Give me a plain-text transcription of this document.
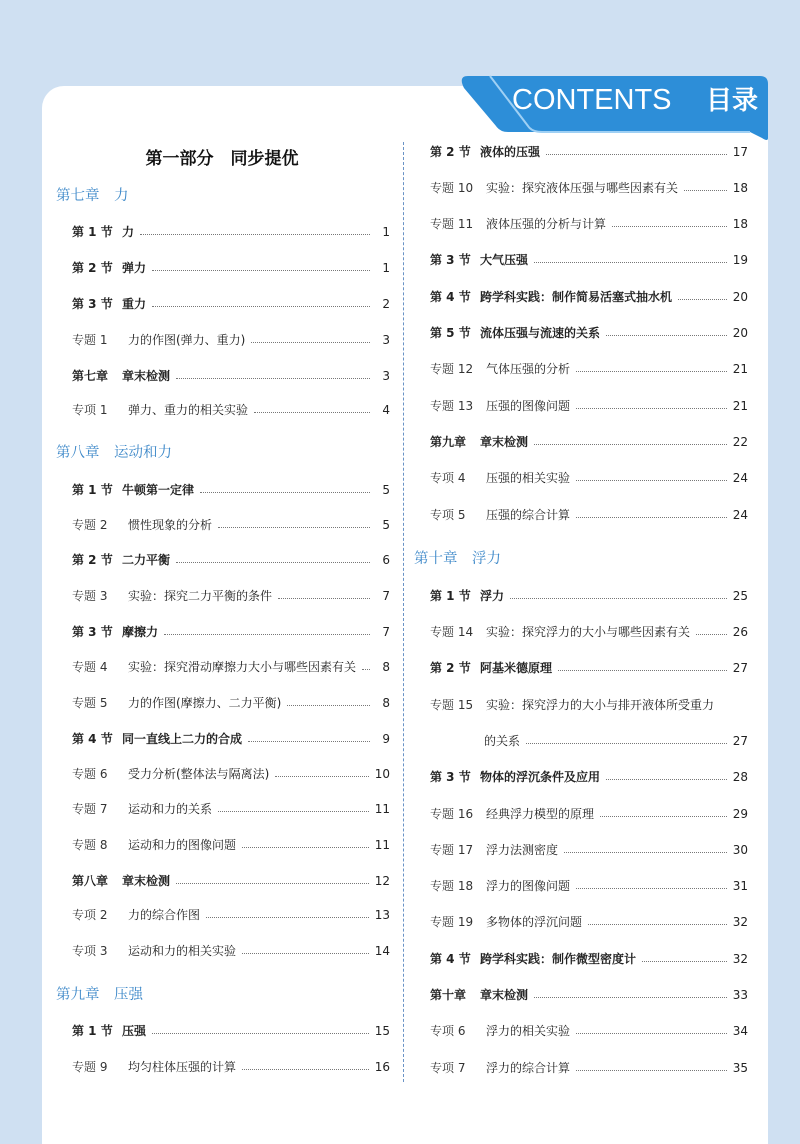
CONTENTS 目录
第一部分　同步提优
第七章　力
第 1 节 力	1
第 2 节 弹力	1
第 3 节 重力	2
专题 1	力的作图(弹力、重力)	3
第七章	章末检测	3
专项 1	弹力、重力的相关实验	4
第八章　运动和力
第 1 节 牛顿第一定律	5
专题 2	惯性现象的分析	5
第 2 节 二力平衡	6
专题 3	实验：探究二力平衡的条件	7
第 3 节 摩擦力	7
专题 4	实验：探究滑动摩擦力大小与哪些因素有关	8
专题 5	力的作图(摩擦力、二力平衡)	8
第 4 节 同一直线上二力的合成	9
专题 6	受力分析(整体法与隔离法)	10
专题 7	运动和力的关系	11
专题 8	运动和力的图像问题	11
第八章	章末检测	12
专项 2	力的综合作图	13
专项 3	运动和力的相关实验	14
第九章　压强
第 1 节 压强	15
专题 9	均匀柱体压强的计算	16
第 2 节 液体的压强	17
专题 10	实验：探究液体压强与哪些因素有关	18
专题 11	液体压强的分析与计算	18
第 3 节 大气压强	19
第 4 节 跨学科实践：制作简易活塞式抽水机	20
第 5 节 流体压强与流速的关系	20
专题 12	气体压强的分析	21
专题 13	压强的图像问题	21
第九章	章末检测	22
专项 4	压强的相关实验	24
专项 5	压强的综合计算	24
第十章　浮力
第 1 节 浮力	25
专题 14	实验：探究浮力的大小与哪些因素有关	26
第 2 节 阿基米德原理	27
专题 15	实验：探究浮力的大小与排开液体所受重力
的关系	27
第 3 节 物体的浮沉条件及应用	28
专题 16	经典浮力模型的原理	29
专题 17	浮力法测密度	30
专题 18	浮力的图像问题	31
专题 19	多物体的浮沉问题	32
第 4 节 跨学科实践：制作微型密度计	32
第十章	章末检测	33
专项 6	浮力的相关实验	34
专项 7	浮力的综合计算	35
